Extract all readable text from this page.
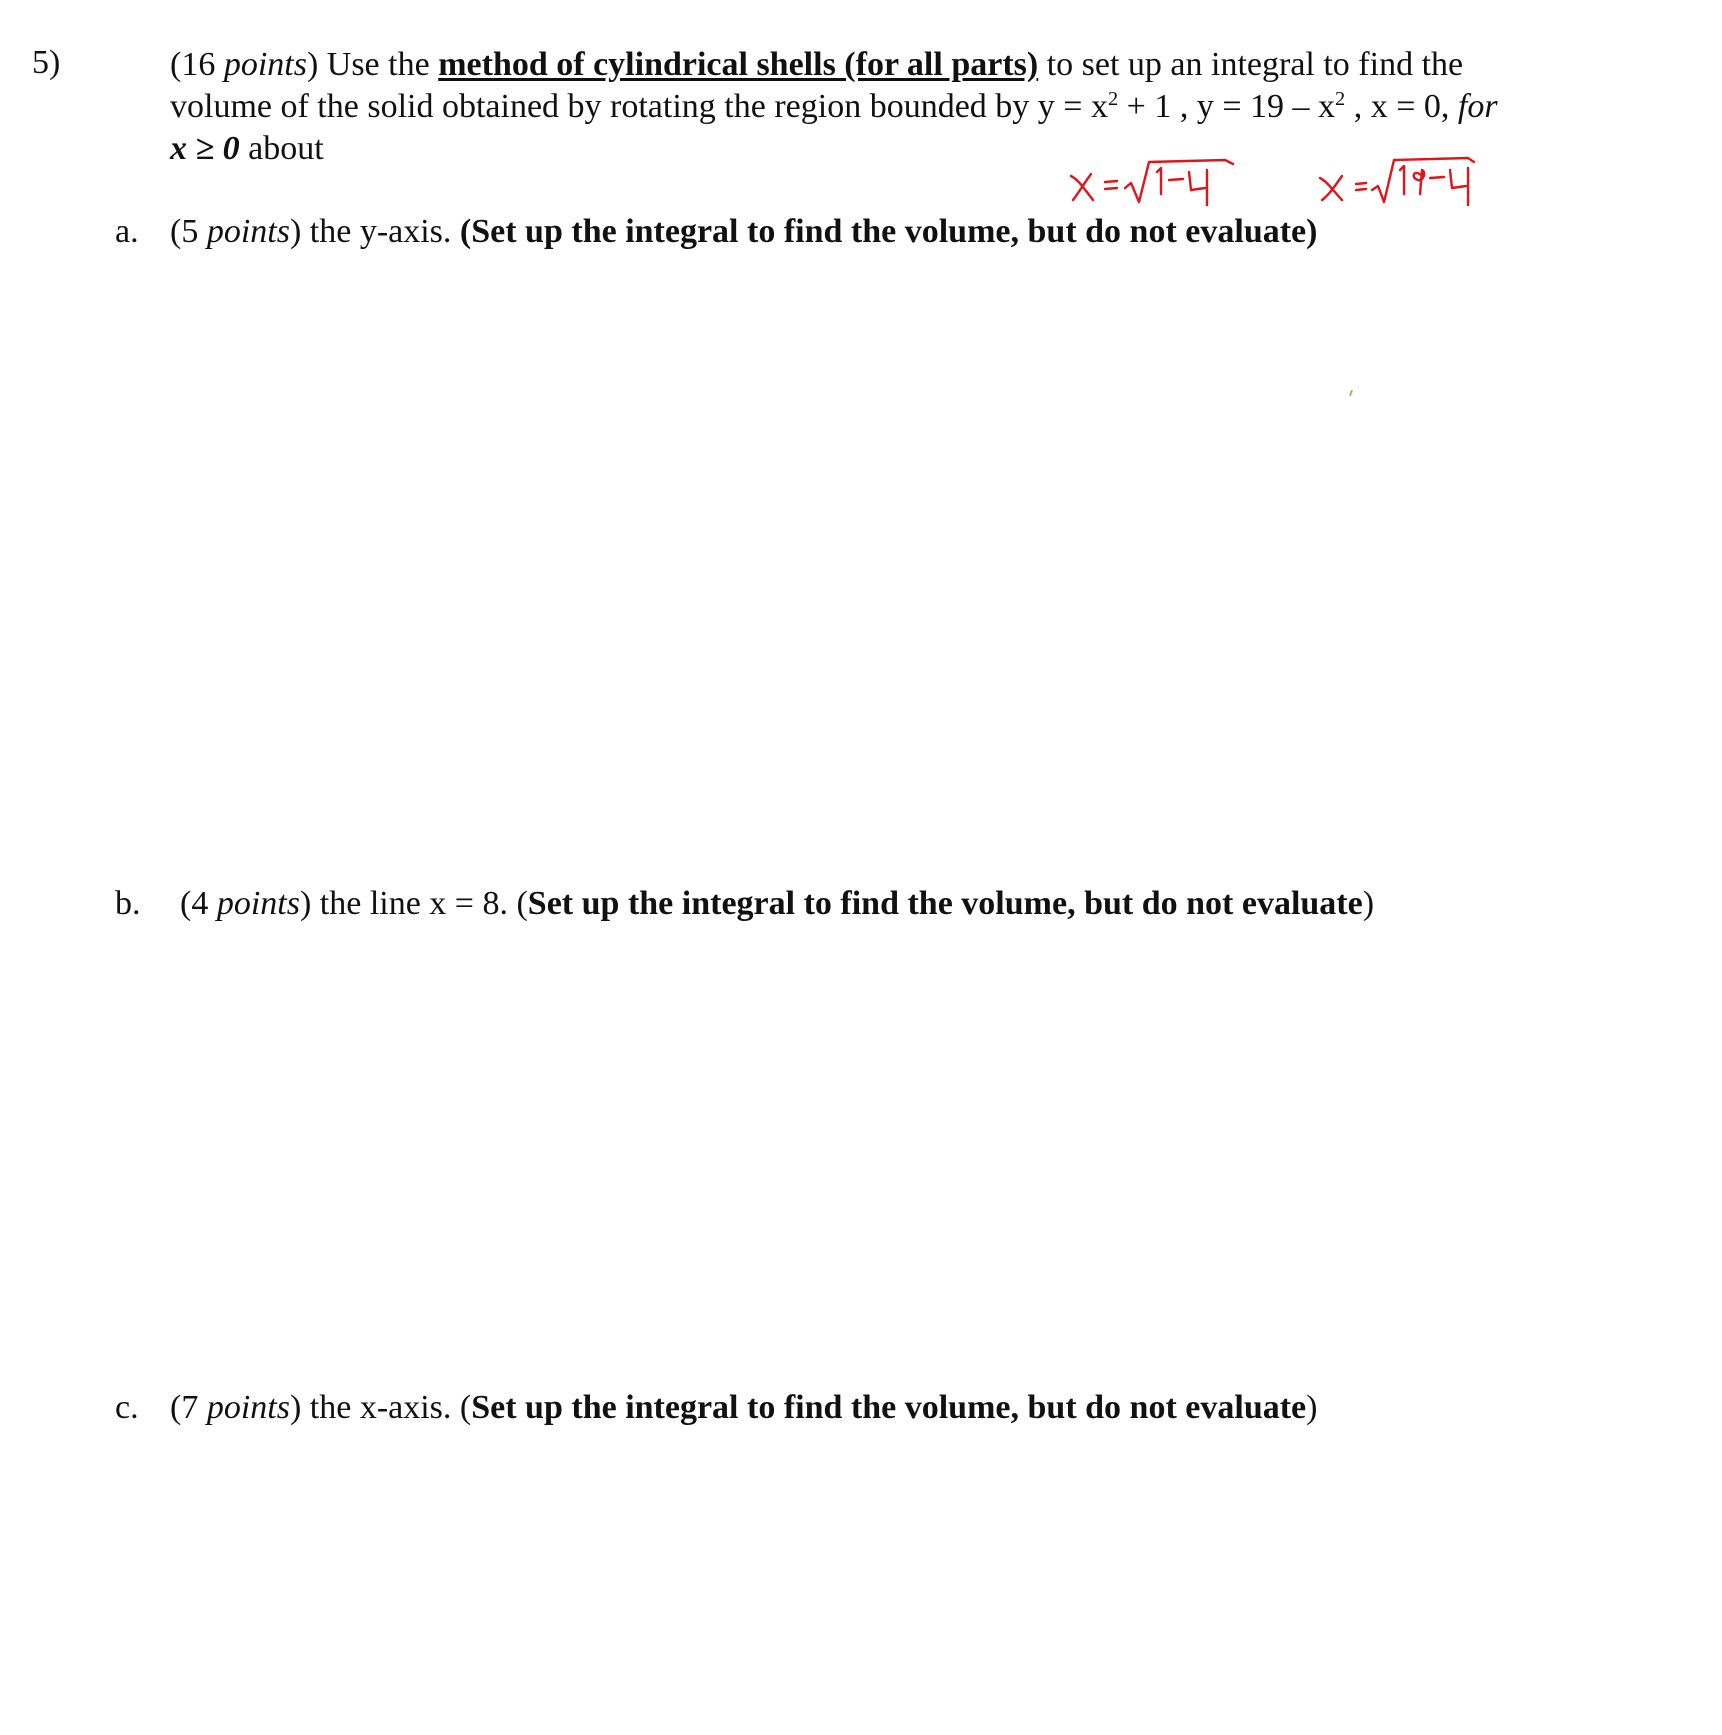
5)	(16 points) Use the method of cylindrical shells (for all parts) to set up an integral to find the
volume of the solid obtained by rotating the region bounded by $y = x^2 + 1$ , $y = 19 - x^2$ , x = 0, for
x ≥ 0 about
a. (5 points) the y-axis. (Set up the integral to find the volume, but do not evaluate)
b. (4 points) the line x = 8. (Set up the integral to find the volume, but do not evaluate)
c. (7 points) the x-axis. (Set up the integral to find the volume, but do not evaluate)
